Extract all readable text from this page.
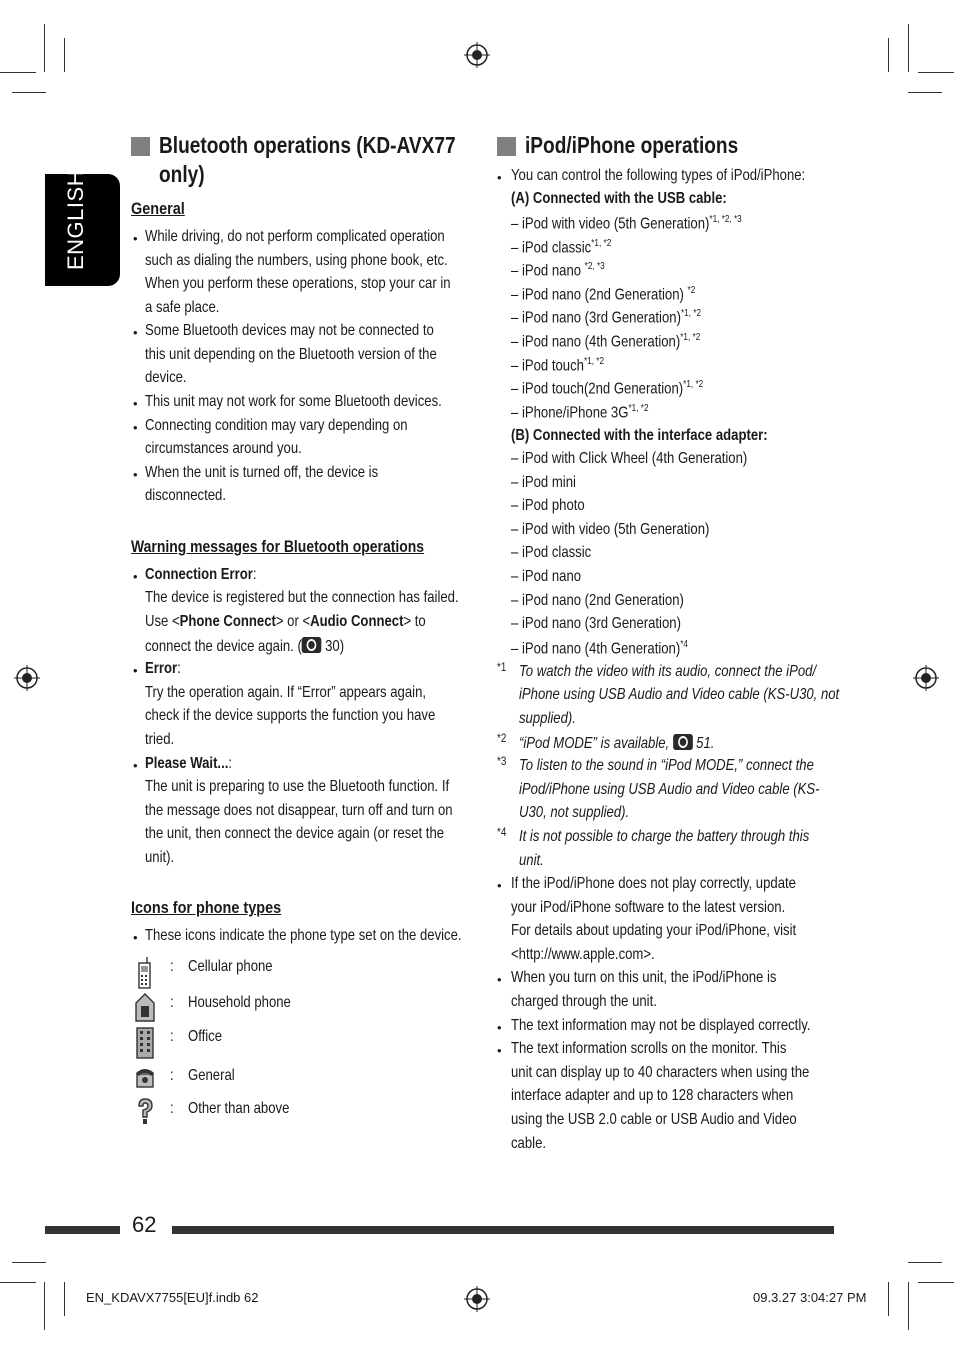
ENGLISH
Bluetooth operations (KD-AVX77
only)
General
• While driving, do not perform complicated operation
such as dialing the numbers, using phone book, etc.
When you perform these operations, stop your car in
a safe place.
• Some Bluetooth devices may not be connected to
this unit depending on the Bluetooth version of the
device.
• This unit may not work for some Bluetooth devices.
• Connecting condition may vary depending on
circumstances around you.
• When the unit is turned off, the device is
disconnected.
Warning messages for Bluetooth operations
• Connection Error:
The device is registered but the connection has failed.
Use <Phone Connect> or <Audio Connect> to
connect the device again. ( 30)
• Error:
Try the operation again. If “Error” appears again,
check if the device supports the function you have
tried.
• Please Wait...:
The unit is preparing to use the Bluetooth function. If
the message does not disappear, turn off and turn on
the unit, then connect the device again (or reset the
unit).
Icons for phone types
• These icons indicate the phone type set on the device.
: Cellular phone
: Household phone
: Office
: General
: Other than above
iPod/iPhone operations
• You can control the following types of iPod/iPhone:
(A) Connected with the USB cable:
– iPod with video (5th Generation)$^{*1, *2, *3}$
– iPod classic$^{*1, *2}$
– iPod nano $^{*2, *3}$
– iPod nano (2nd Generation) $^{*2}$
– iPod nano (3rd Generation)$^{*1, *2}$
– iPod nano (4th Generation)$^{*1, *2}$
– iPod touch$^{*1, *2}$
– iPod touch(2nd Generation)$^{*1, *2}$
– iPhone/iPhone $3G^{*1, *2}$
(B) Connected with the interface adapter:
– iPod with Click Wheel (4th Generation)
– iPod mini
– iPod photo
– iPod with video (5th Generation)
– iPod classic
– iPod nano
– iPod nano (2nd Generation)
– iPod nano (3rd Generation)
– iPod nano (4th Generation)$^{*4}$
*1 To watch the video with its audio, connect the iPod/
iPhone using USB Audio and Video cable (KS-U30, not
supplied).
*2 “iPod MODE” is available,  51.
*3 To listen to the sound in “iPod MODE,” connect the
iPod/iPhone using USB Audio and Video cable (KS-
U30, not supplied).
*4 It is not possible to charge the battery through this
unit.
• If the iPod/iPhone does not play correctly, update
your iPod/iPhone software to the latest version.
For details about updating your iPod/iPhone, visit
<http://www.apple.com>.
• When you turn on this unit, the iPod/iPhone is
charged through the unit.
• The text information may not be displayed correctly.
• The text information scrolls on the monitor. This
unit can display up to 40 characters when using the
interface adapter and up to 128 characters when
using the USB 2.0 cable or USB Audio and Video
cable.
62
EN_KDAVX7755[EU]f.indb 62	09.3.27 3:04:27 PM
